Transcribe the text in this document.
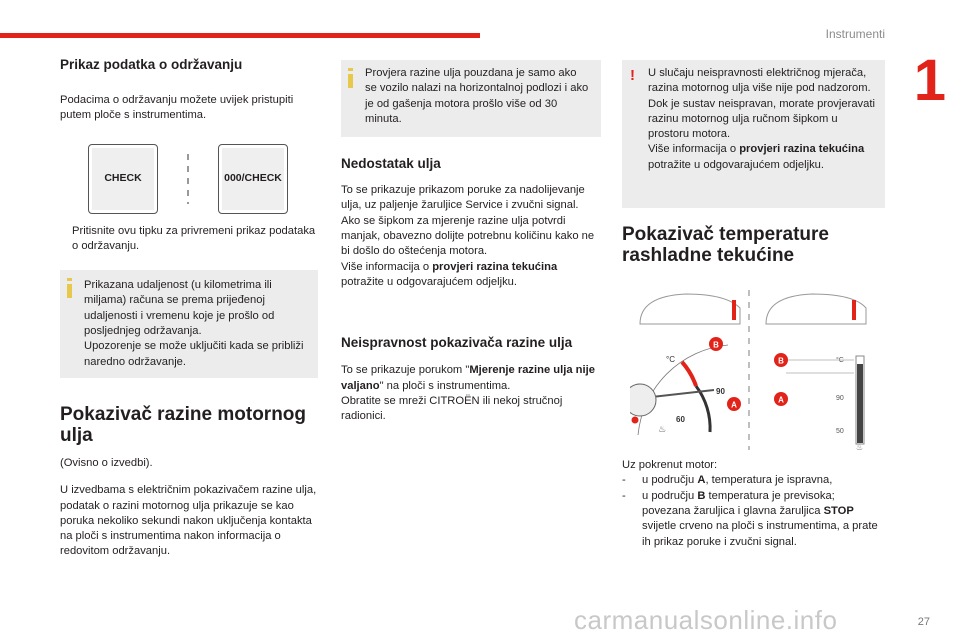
Instrumenti
1
27
carmanualsonline.info
Prikaz podatka o održavanju

Podacima o održavanju možete uvijek pristupiti putem ploče s instrumentima.

CHECK	000/CHECK
Pritisnite ovu tipku za privremeni prikaz podataka o održavanju.

Prikazana udaljenost (u kilometrima ili miljama) računa se prema prijeđenoj udaljenosti i vremenu koje je prošlo od posljednjeg održavanja.

Upozorenje se može uključiti kada se približi naredno održavanje.

Pokazivač razine motornog ulja

(Ovisno o izvedbi).

U izvedbama s električnim pokazivačem razine ulja, podatak o razini motornog ulja prikazuje se kao poruka nekoliko sekundi nakon uključenja kontakta na ploči s instrumentima nakon informacija o redovitom održavanju.

Provjera razine ulja pouzdana je samo ako se vozilo nalazi na horizontalnoj podlozi i ako je od gašenja motora prošlo više od 30 minuta.

Nedostatak ulja

To se prikazuje prikazom poruke za nadolijevanje ulja, uz paljenje žaruljice Service i zvučni signal.

Ako se šipkom za mjerenje razine ulja potvrdi manjak, obavezno dolijte potrebnu količinu kako ne bi došlo do oštećenja motora.

Više informacija o provjeri razina tekućina potražite u odgovarajućem odjeljku.

Neispravnost pokazivača razine ulja

To se prikazuje porukom "Mjerenje razine ulja nije valjano" na ploči s instrumentima.

Obratite se mreži CITROËN ili nekoj stručnoj radionici.

! U slučaju neispravnosti električnog mjerača, razina motornog ulja više nije pod nadzorom.

Dok je sustav neispravan, morate provjeravati razinu motornog ulja ručnom šipkom u prostoru motora.

Više informacija o provjeri razina tekućina potražite u odgovarajućem odjeljku.

Pokazivač temperature rashladne tekućine
°C
90
60
♨
B
A
°C
90
50
♨
B
A

Uz pokrenut motor:

- u području A, temperatura je ispravna,
- u području B temperatura je previsoka; povezana žaruljica i glavna žaruljica STOP svijetle crveno na ploči s instrumentima, a prate ih prikaz poruke i zvučni signal.
